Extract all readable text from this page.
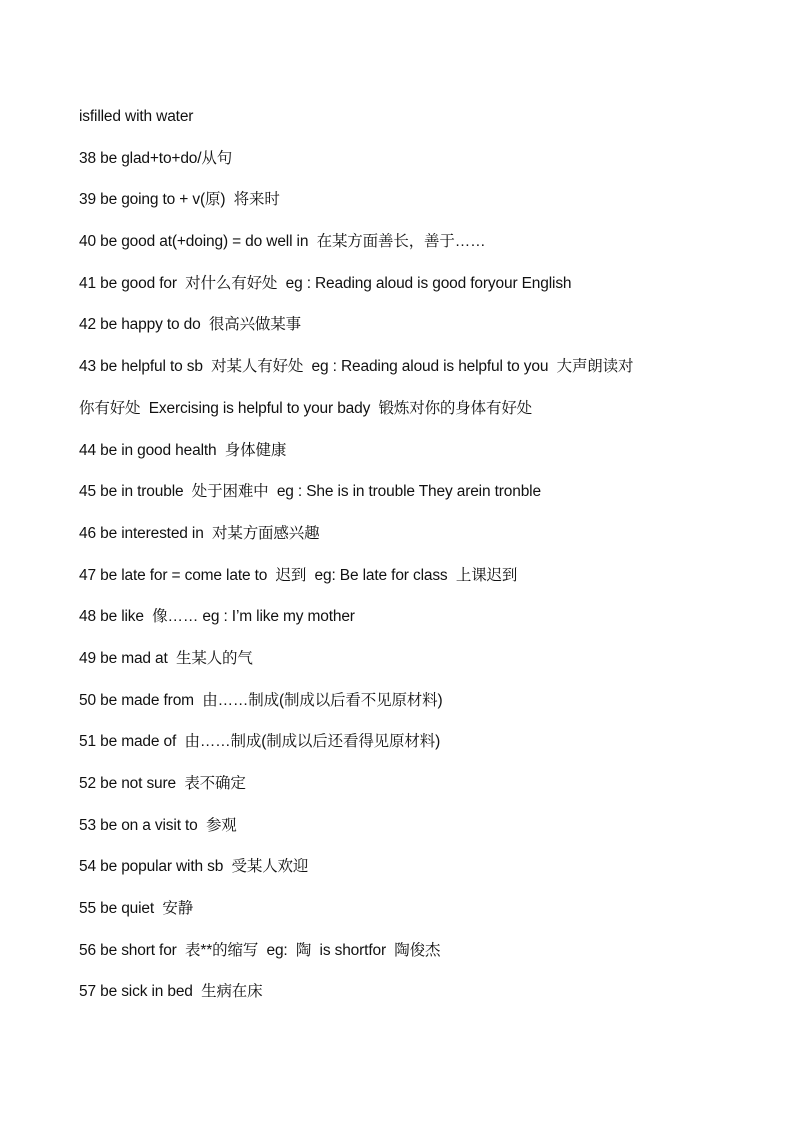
isfilled with water
38 be glad+to+do/从句
39 be going to + v(原)  将来时
40 be good at(+doing) = do well in  在某方面善长，善于……
41 be good for  对什么有好处  eg : Reading aloud is good foryour English
42 be happy to do  很高兴做某事
43 be helpful to sb  对某人有好处  eg : Reading aloud is helpful to you  大声朗读对
你有好处  Exercising is helpful to your bady  锻炼对你的身体有好处
44 be in good health  身体健康
45 be in trouble  处于困难中  eg : She is in trouble They arein tronble
46 be interested in  对某方面感兴趣
47 be late for = come late to  迟到  eg: Be late for class  上课迟到
48 be like  像…… eg : I’m like my mother
49 be mad at  生某人的气
50 be made from  由……制成(制成以后看不见原材料)
51 be made of  由……制成(制成以后还看得见原材料)
52 be not sure  表不确定
53 be on a visit to  参观
54 be popular with sb  受某人欢迎
55 be quiet  安静
56 be short for  表**的缩写  eg:  陶  is shortfor  陶俊杰
57 be sick in bed  生病在床
